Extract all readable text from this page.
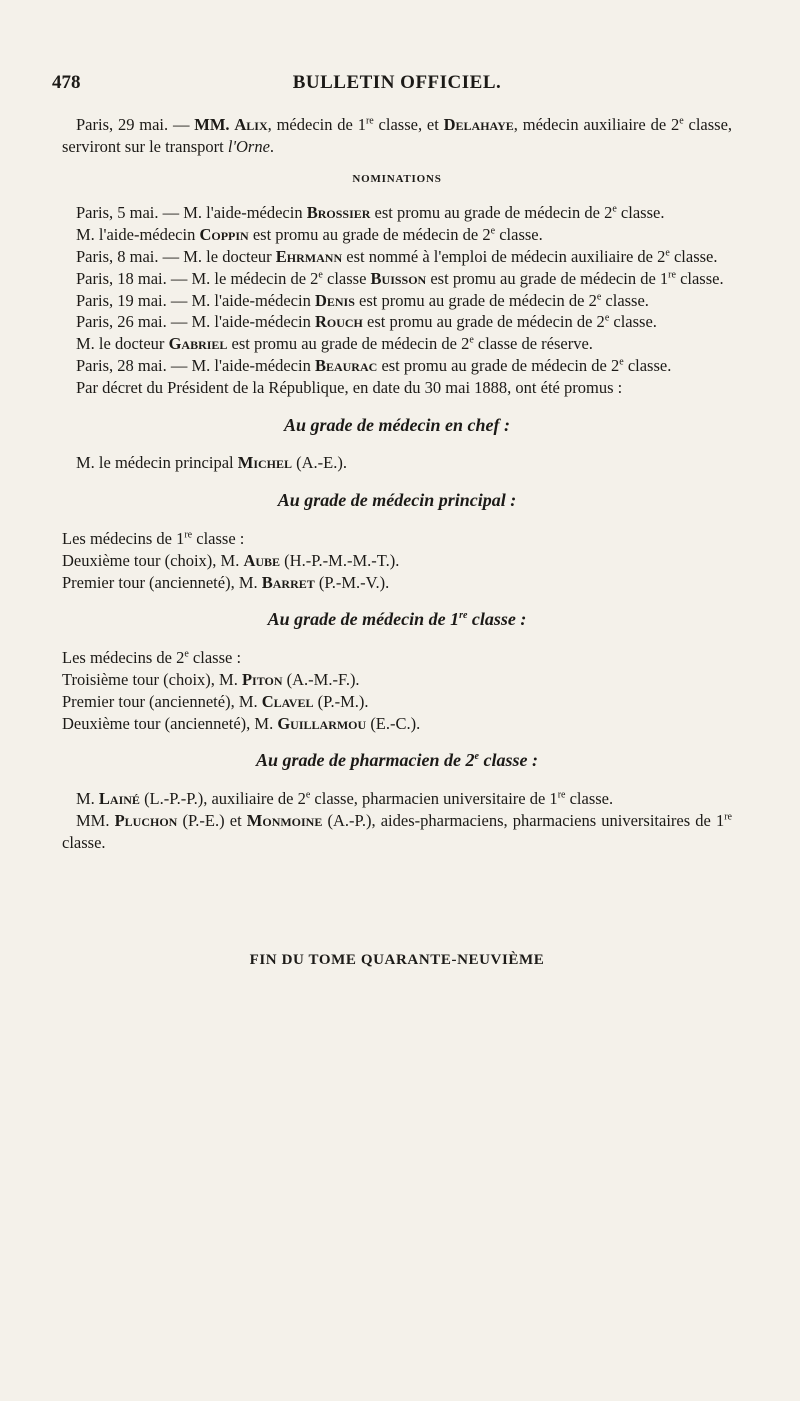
478	BULLETIN OFFICIEL.

Paris, 29 mai. — MM. Alix, médecin de 1re classe, et Delahaye, médecin auxiliaire de 2e classe, serviront sur le transport l'Orne.

NOMINATIONS

Paris, 5 mai. — M. l'aide-médecin Brossier est promu au grade de médecin de 2e classe.

M. l'aide-médecin Coppin est promu au grade de médecin de 2e classe.

Paris, 8 mai. — M. le docteur Ehrmann est nommé à l'emploi de médecin auxiliaire de 2e classe.

Paris, 18 mai. — M. le médecin de 2e classe Buisson est promu au grade de médecin de 1re classe.

Paris, 19 mai. — M. l'aide-médecin Denis est promu au grade de médecin de 2e classe.

Paris, 26 mai. — M. l'aide-médecin Rouch est promu au grade de médecin de 2e classe.

M. le docteur Gabriel est promu au grade de médecin de 2e classe de réserve.

Paris, 28 mai. — M. l'aide-médecin Beaurac est promu au grade de médecin de 2e classe.

Par décret du Président de la République, en date du 30 mai 1888, ont été promus :

Au grade de médecin en chef :

M. le médecin principal Michel (A.-E.).

Au grade de médecin principal :

Les médecins de 1re classe :

Deuxième tour (choix), M. Aube (H.-P.-M.-M.-T.).

Premier tour (ancienneté), M. Barret (P.-M.-V.).

Au grade de médecin de 1re classe :

Les médecins de 2e classe :

Troisième tour (choix), M. Piton (A.-M.-F.).

Premier tour (ancienneté), M. Clavel (P.-M.).

Deuxième tour (ancienneté), M. Guillarmou (E.-C.).

Au grade de pharmacien de 2e classe :

M. Lainé (L.-P.-P.), auxiliaire de 2e classe, pharmacien universitaire de 1re classe.

MM. Pluchon (P.-E.) et Monmoine (A.-P.), aides-pharmaciens, pharmaciens universitaires de 1re classe.

FIN DU TOME QUARANTE-NEUVIÈME
